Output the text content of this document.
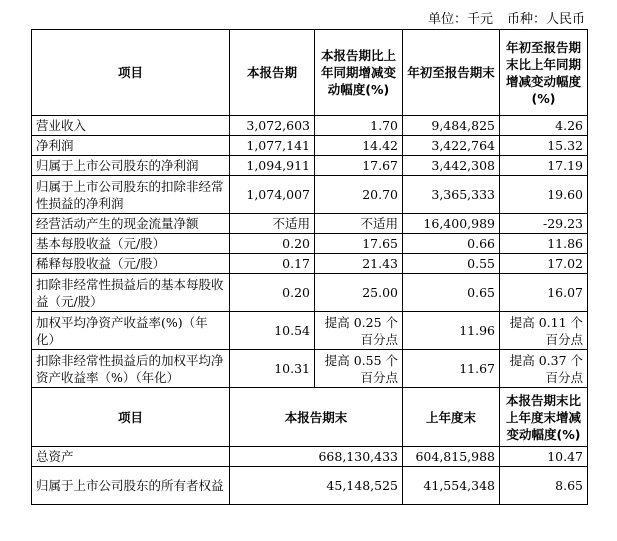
单位：千元 币种：人民币
项目	本报告期	本报告期比上年同期增减变动幅度(%)	年初至报告期末	年初至报告期末比上年同期增减变动幅度(%)
营业收入	3,072,603	1.70	9,484,825	4.26
净利润	1,077,141	14.42	3,422,764	15.32
归属于上市公司股东的净利润	1,094,911	17.67	3,442,308	17.19
归属于上市公司股东的扣除非经常性损益的净利润	1,074,007	20.70	3,365,333	19.60
经营活动产生的现金流量净额	不适用	不适用	16,400,989	-29.23
基本每股收益（元/股）	0.20	17.65	0.66	11.86
稀释每股收益（元/股）	0.17	21.43	0.55	17.02
扣除非经常性损益后的基本每股收益（元/股）	0.20	25.00	0.65	16.07
加权平均净资产收益率(%)（年化）	10.54	提高 0.25 个百分点	11.96	提高 0.11 个百分点
扣除非经常性损益后的加权平均净资产收益率（%）（年化）	10.31	提高 0.55 个百分点	11.67	提高 0.37 个百分点
项目	本报告期末		上年度末	本报告期末比上年度末增减变动幅度(%)
总资产	668,130,433		604,815,988	10.47
归属于上市公司股东的所有者权益	45,148,525		41,554,348	8.65
